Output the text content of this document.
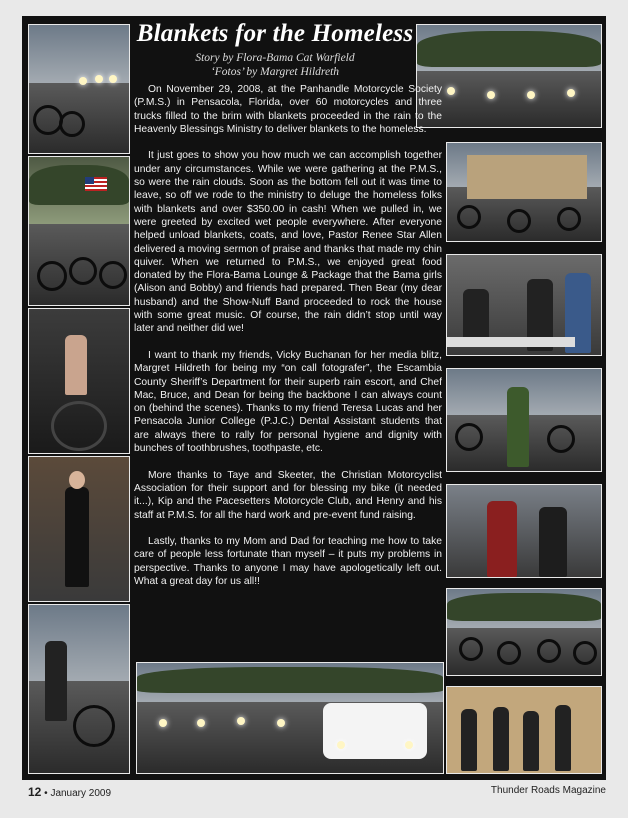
Blankets for the Homeless
Story by Flora-Bama Cat Warfield
‘Fotos’ by Margret Hildreth

On November 29, 2008, at the Panhandle Motorcycle Society (P.M.S.) in Pensacola, Florida, over 60 motorcycles and three trucks filled to the brim with blankets proceeded in the rain to the Heavenly Blessings Ministry to deliver blankets to the homeless.

It just goes to show you how much we can accomplish together under any circumstances. While we were gathering at the P.M.S., so were the rain clouds. Soon as the bottom fell out it was time to leave, so off we rode to the ministry to deluge the homeless folks with blankets and over $350.00 in cash! When we pulled in, we were greeted by excited wet people everywhere. After everyone helped unload blankets, coats, and love, Pastor Renee Star Allen delivered a moving sermon of praise and thanks that made my chin quiver. When we returned to P.M.S., we enjoyed great food donated by the Flora-Bama Lounge & Package that the Bama girls (Alison and Bobby) and friends had prepared. Then Bear (my dear husband) and the Show-Nuff Band proceeded to rock the house with some great music. Of course, the rain didn’t stop until way later and neither did we!

I want to thank my friends, Vicky Buchanan for her media blitz, Margret Hildreth for being my “on call fotografer”, the Escambia County Sheriff’s Department for their superb rain escort, and Chef Mac, Bruce, and Dean for being the backbone I can always count on (behind the scenes). Thanks to my friend Teresa Lucas and her Pensacola Junior College (P.J.C.) Dental Assistant students that are always there to rally for personal hygiene and dignity with bunches of toothbrushes, toothpaste, etc.

More thanks to Taye and Skeeter, the Christian Motorcyclist Association for their support and for blessing my bike (it needed it...), Kip and the Pacesetters Motorcycle Club, and Henry and his staff at P.M.S. for all the hard work and pre-event fund raising.

Lastly, thanks to my Mom and Dad for teaching me how to take care of people less fortunate than myself – it puts my problems in perspective. Thanks to anyone I may have apologetically left out. What a great day for us all!!

12 • January 2009	Thunder Roads Magazine
